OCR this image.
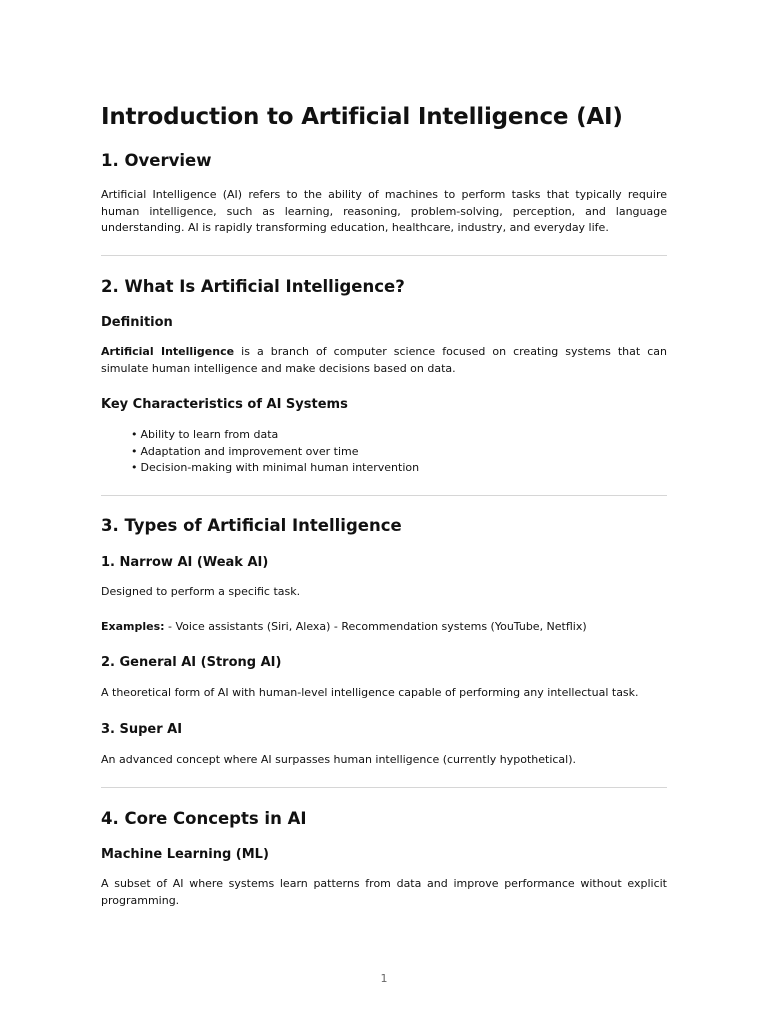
Introduction to Artificial Intelligence (AI)
1. Overview

Artificial Intelligence (AI) refers to the ability of machines to perform tasks that typically require human intelligence, such as learning, reasoning, problem-solving, perception, and language understanding. AI is rapidly transforming education, healthcare, industry, and everyday life.

2. What Is Artificial Intelligence?
Definition

Artificial Intelligence is a branch of computer science focused on creating systems that can simulate human intelligence and make decisions based on data.

Key Characteristics of AI Systems
• Ability to learn from data
• Adaptation and improvement over time
• Decision-making with minimal human intervention
3. Types of Artificial Intelligence
1. Narrow AI (Weak AI)

Designed to perform a specific task.

Examples: - Voice assistants (Siri, Alexa) - Recommendation systems (YouTube, Netflix)

2. General AI (Strong AI)

A theoretical form of AI with human-level intelligence capable of performing any intellectual task.

3. Super AI

An advanced concept where AI surpasses human intelligence (currently hypothetical).

4. Core Concepts in AI
Machine Learning (ML)

A subset of AI where systems learn patterns from data and improve performance without explicit programming.

1
